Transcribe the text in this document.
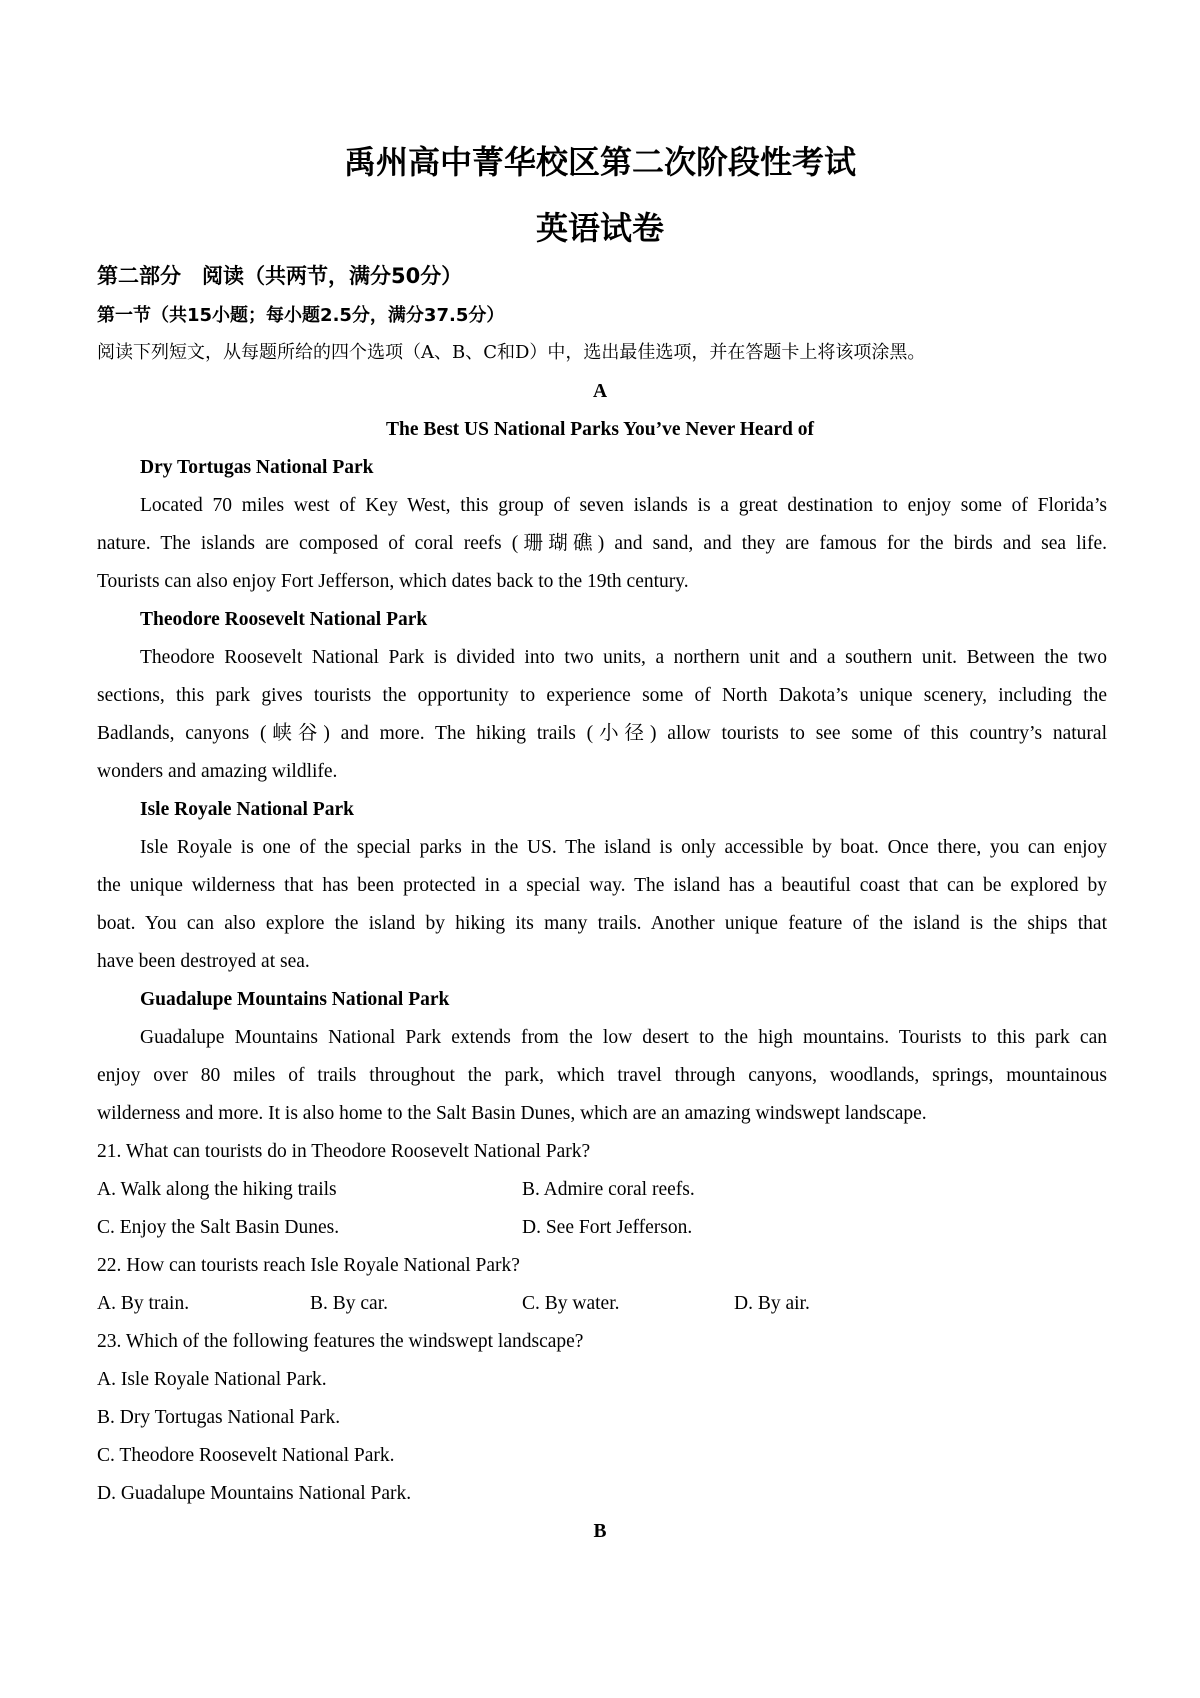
禹州高中菁华校区第二次阶段性考试
英语试卷
第二部分　阅读（共两节，满分50分）
第一节（共15小题；每小题2.5分，满分37.5分）
阅读下列短文，从每题所给的四个选项（A、B、C和D）中，选出最佳选项，并在答题卡上将该项涂黑。
A
The Best US National Parks You’ve Never Heard of
Dry Tortugas National Park
Located 70 miles west of Key West, this group of seven islands is a great destination to enjoy some of Florida’s
nature. The islands are composed of coral reefs (珊瑚礁) and sand, and they are famous for the birds and sea life.
Tourists can also enjoy Fort Jefferson, which dates back to the 19th century.
Theodore Roosevelt National Park
Theodore Roosevelt National Park is divided into two units, a northern unit and a southern unit. Between the two
sections, this park gives tourists the opportunity to experience some of North Dakota’s unique scenery, including the
Badlands, canyons (峡谷) and more. The hiking trails (小径) allow tourists to see some of this country’s natural
wonders and amazing wildlife.
Isle Royale National Park
Isle Royale is one of the special parks in the US. The island is only accessible by boat. Once there, you can enjoy
the unique wilderness that has been protected in a special way. The island has a beautiful coast that can be explored by
boat. You can also explore the island by hiking its many trails. Another unique feature of the island is the ships that
have been destroyed at sea.
Guadalupe Mountains National Park
Guadalupe Mountains National Park extends from the low desert to the high mountains. Tourists to this park can
enjoy over 80 miles of trails throughout the park, which travel through canyons, woodlands, springs, mountainous
wilderness and more. It is also home to the Salt Basin Dunes, which are an amazing windswept landscape.
21. What can tourists do in Theodore Roosevelt National Park?
A. Walk along the hiking trails	B. Admire coral reefs.
C. Enjoy the Salt Basin Dunes.	D. See Fort Jefferson.
22. How can tourists reach Isle Royale National Park?
A. By train.	B. By car.	C. By water.	D. By air.
23. Which of the following features the windswept landscape?
A. Isle Royale National Park.
B. Dry Tortugas National Park.
C. Theodore Roosevelt National Park.
D. Guadalupe Mountains National Park.
B
